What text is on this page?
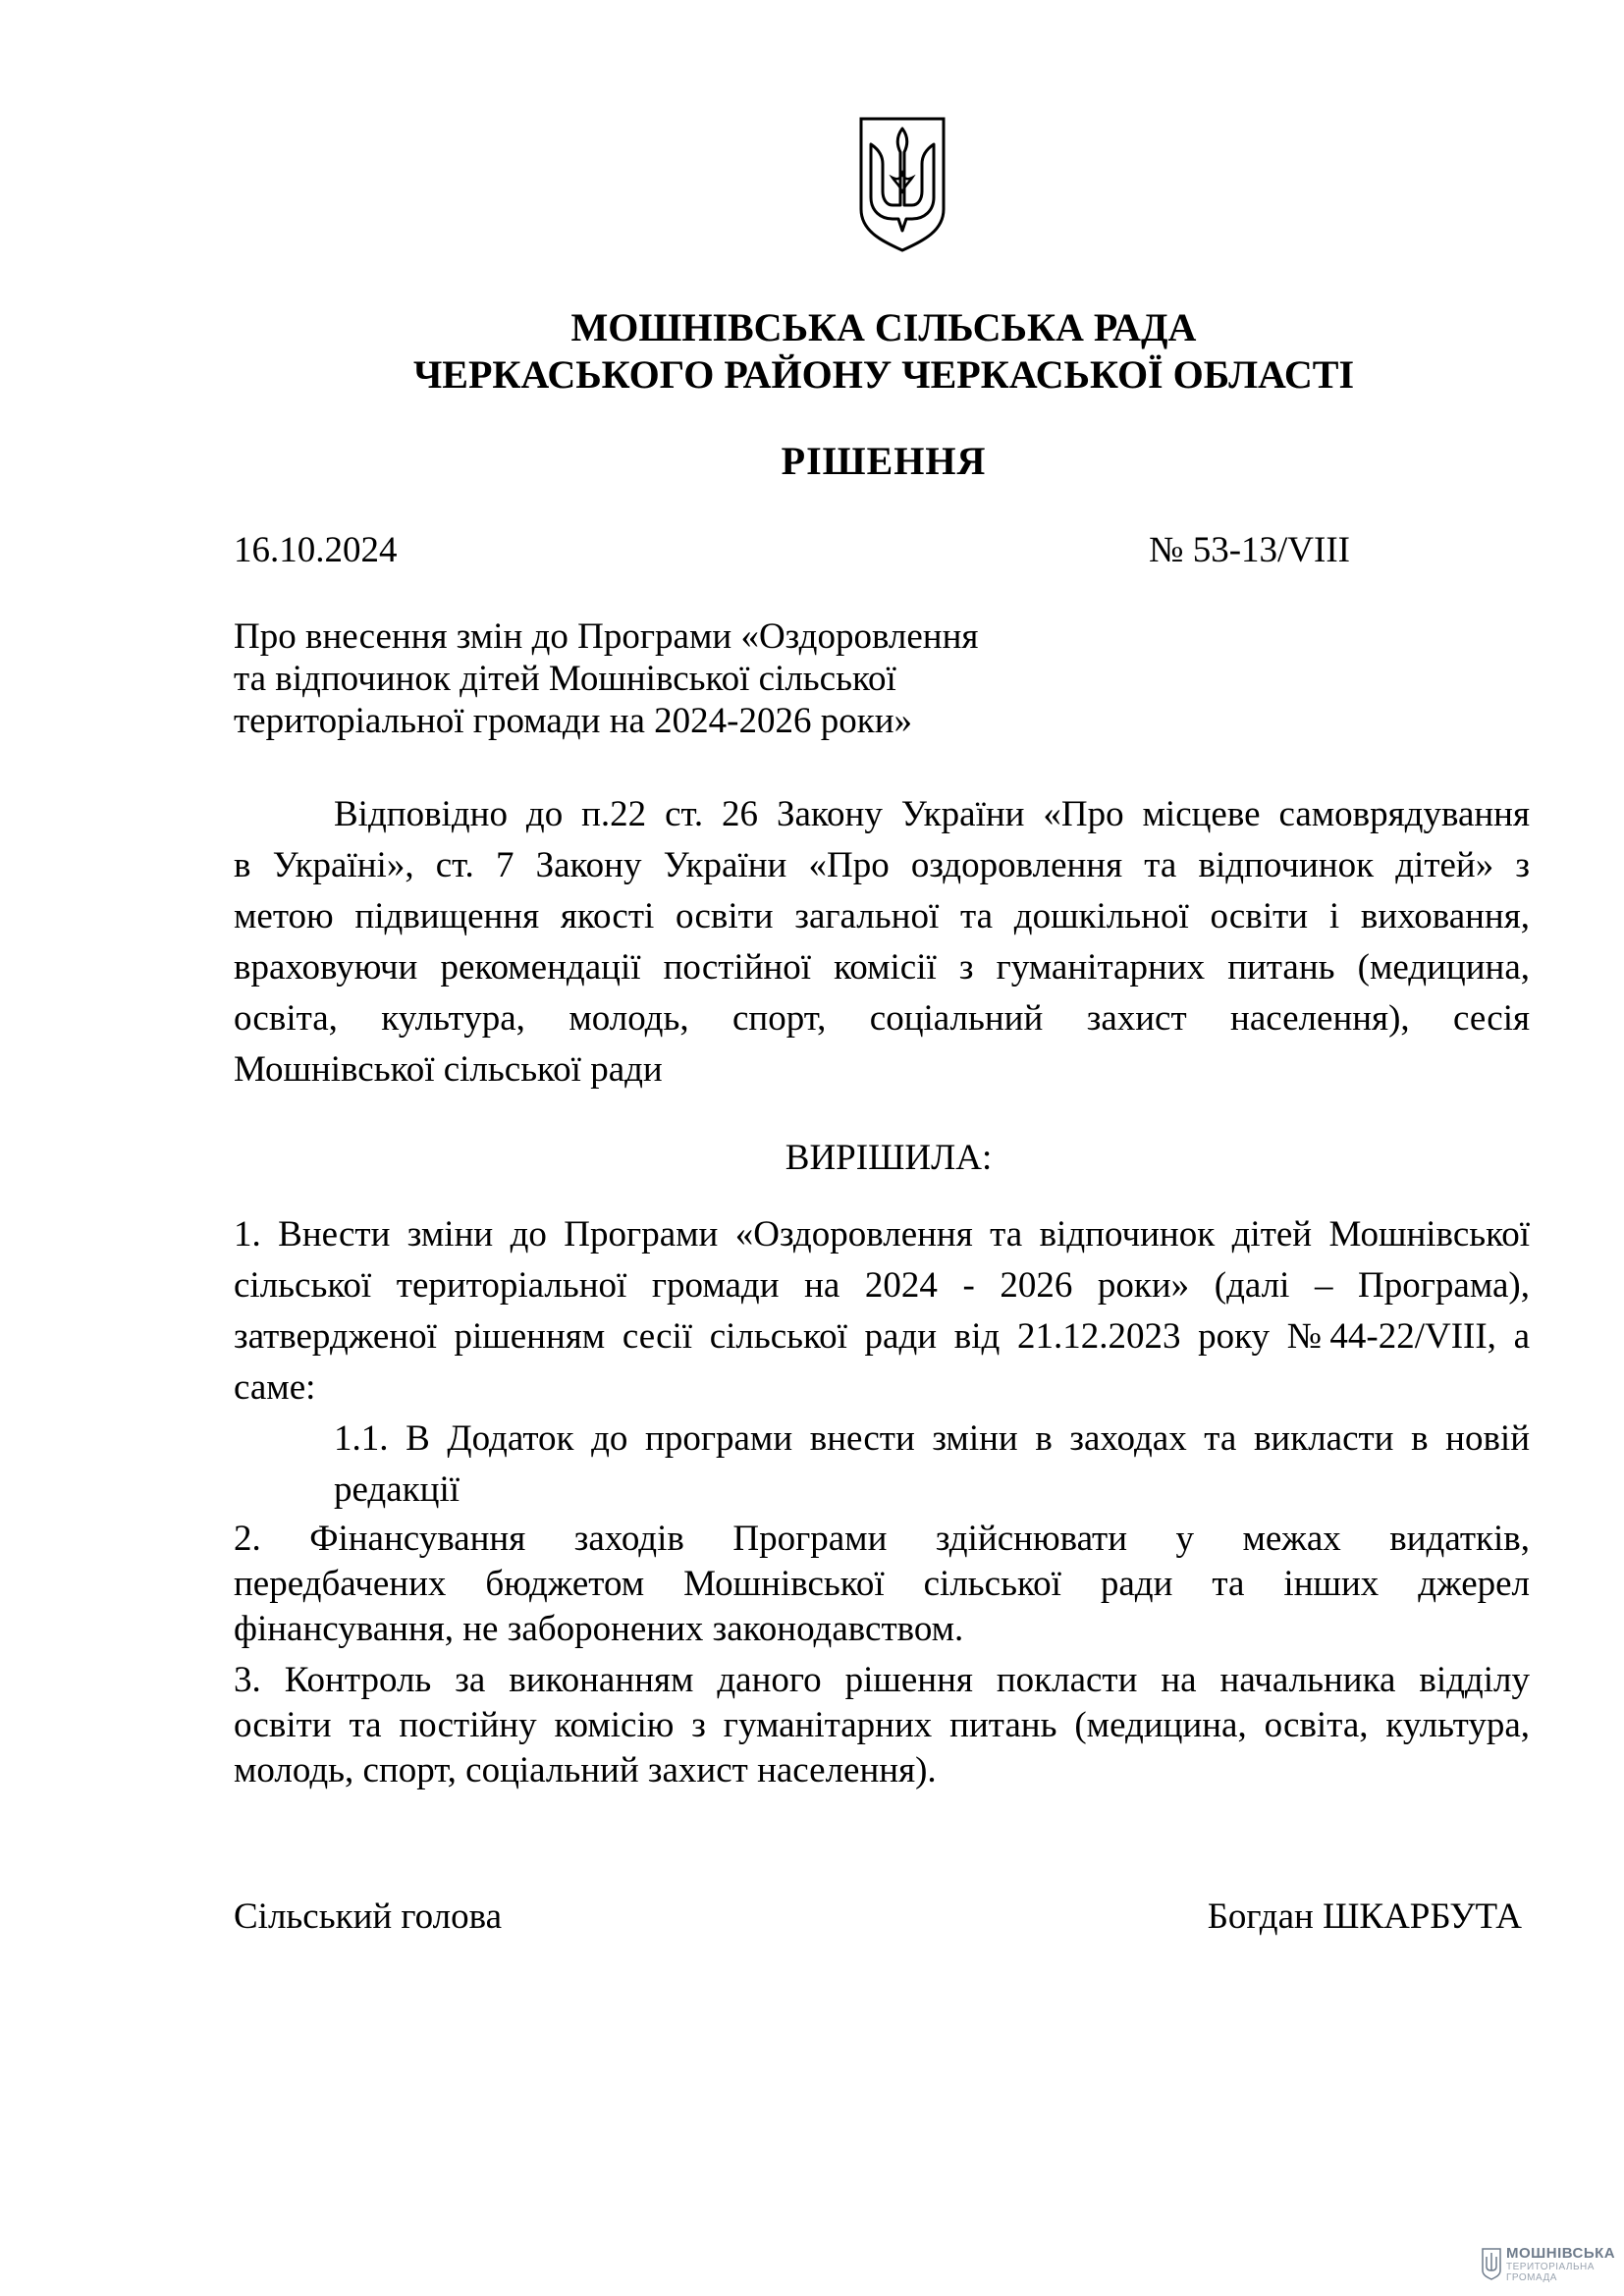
МОШНІВСЬКА СІЛЬСЬКА РАДА
ЧЕРКАСЬКОГО РАЙОНУ ЧЕРКАСЬКОЇ ОБЛАСТІ
РІШЕННЯ
16.10.2024	№ 53-13/VIII
Про внесення змін до Програми «Оздоровлення
та відпочинок дітей Мошнівської сільської
територіальної громади на 2024-2026 роки»
Відповідно до п.22 ст. 26 Закону України «Про місцеве самоврядування
в Україні», ст. 7 Закону України «Про оздоровлення та відпочинок дітей» з
метою підвищення якості освіти загальної та дошкільної освіти і виховання,
враховуючи рекомендації постійної комісії з гуманітарних питань (медицина,
освіта, культура, молодь, спорт, соціальний захист населення), сесія
Мошнівської сільської ради
ВИРІШИЛА:
1. Внести зміни до Програми «Оздоровлення та відпочинок дітей Мошнівської
сільської територіальної громади на 2024 - 2026 роки» (далі – Програма),
затвердженої рішенням сесії сільської ради від 21.12.2023 року №44-22/VIII, а
саме:
1.1. В Додаток до програми внести зміни в заходах та викласти в новій
редакції
2. Фінансування заходів Програми здійснювати у межах видатків,
передбачених бюджетом Мошнівської сільської ради та інших джерел
фінансування, не заборонених законодавством.
3. Контроль за виконанням даного рішення покласти на начальника відділу
освіти та постійну комісію з гуманітарних питань (медицина, освіта, культура,
молодь, спорт, соціальний захист населення).
Сільський голова	Богдан ШКАРБУТА
МОШНІВСЬКА
ТЕРИТОРІАЛЬНА
ГРОМАДА
